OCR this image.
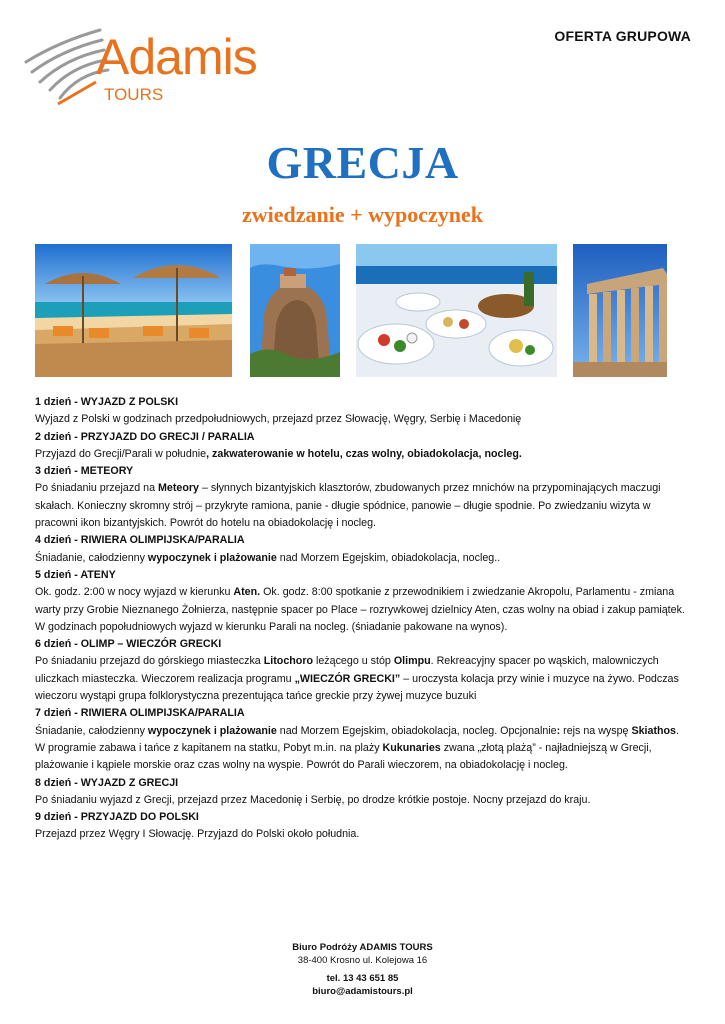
Adamis
TOURS
OFERTA GRUPOWA
GRECJA
zwiedzanie + wypoczynek

1 dzień - WYJAZD Z POLSKI

Wyjazd z Polski w godzinach przedpołudniowych, przejazd przez Słowację, Węgry, Serbię i Macedonię

2 dzień - PRZYJAZD DO GRECJI / PARALIA

Przyjazd do Grecji/Parali w południe, zakwaterowanie w hotelu, czas wolny, obiadokolacja, nocleg.

3 dzień - METEORY

Po śniadaniu przejazd na Meteory – słynnych bizantyjskich klasztorów, zbudowanych przez mnichów na przypominających maczugi skałach. Konieczny skromny strój – przykryte ramiona, panie - długie spódnice, panowie – długie spodnie. Po zwiedzaniu wizyta w pracowni ikon bizantyjskich. Powrót do hotelu na obiadokolację i nocleg.

4 dzień - RIWIERA OLIMPIJSKA/PARALIA

Śniadanie, całodzienny wypoczynek i plażowanie nad Morzem Egejskim, obiadokolacja, nocleg..

5 dzień - ATENY

Ok. godz. 2:00 w nocy wyjazd w kierunku Aten. Ok. godz. 8:00 spotkanie z przewodnikiem i zwiedzanie Akropolu, Parlamentu - zmiana warty przy Grobie Nieznanego Żołnierza, następnie spacer po Place – rozrywkowej dzielnicy Aten, czas wolny na obiad i zakup pamiątek. W godzinach popołudniowych wyjazd w kierunku Parali na nocleg. (śniadanie pakowane na wynos).

6 dzień - OLIMP – WIECZÓR GRECKI

Po śniadaniu przejazd do górskiego miasteczka Litochoro leżącego u stóp Olimpu. Rekreacyjny spacer po wąskich, malowniczych uliczkach miasteczka. Wieczorem realizacja programu „WIECZÓR GRECKI” – uroczysta kolacja przy winie i muzyce na żywo. Podczas wieczoru wystąpi grupa folklorystyczna prezentująca tańce greckie przy żywej muzyce buzuki

7 dzień - RIWIERA OLIMPIJSKA/PARALIA

Śniadanie, całodzienny wypoczynek i plażowanie nad Morzem Egejskim, obiadokolacja, nocleg. Opcjonalnie: rejs na wyspę Skiathos. W programie zabawa i tańce z kapitanem na statku, Pobyt m.in. na plaży Kukunaries zwana „złotą plażą” - najładniejszą w Grecji, plażowanie i kąpiele morskie oraz czas wolny na wyspie. Powrót do Parali wieczorem, na obiadokolację i nocleg.

8 dzień - WYJAZD Z GRECJI

Po śniadaniu wyjazd z Grecji, przejazd przez Macedonię i Serbię, po drodze krótkie postoje. Nocny przejazd do kraju.

9 dzień - PRZYJAZD DO POLSKI

Przejazd przez Węgry I Słowację. Przyjazd do Polski około południa.

Biuro Podróży ADAMIS TOURS
38-400 Krosno ul. Kolejowa 16
tel. 13 43 651 85
biuro@adamistours.pl
